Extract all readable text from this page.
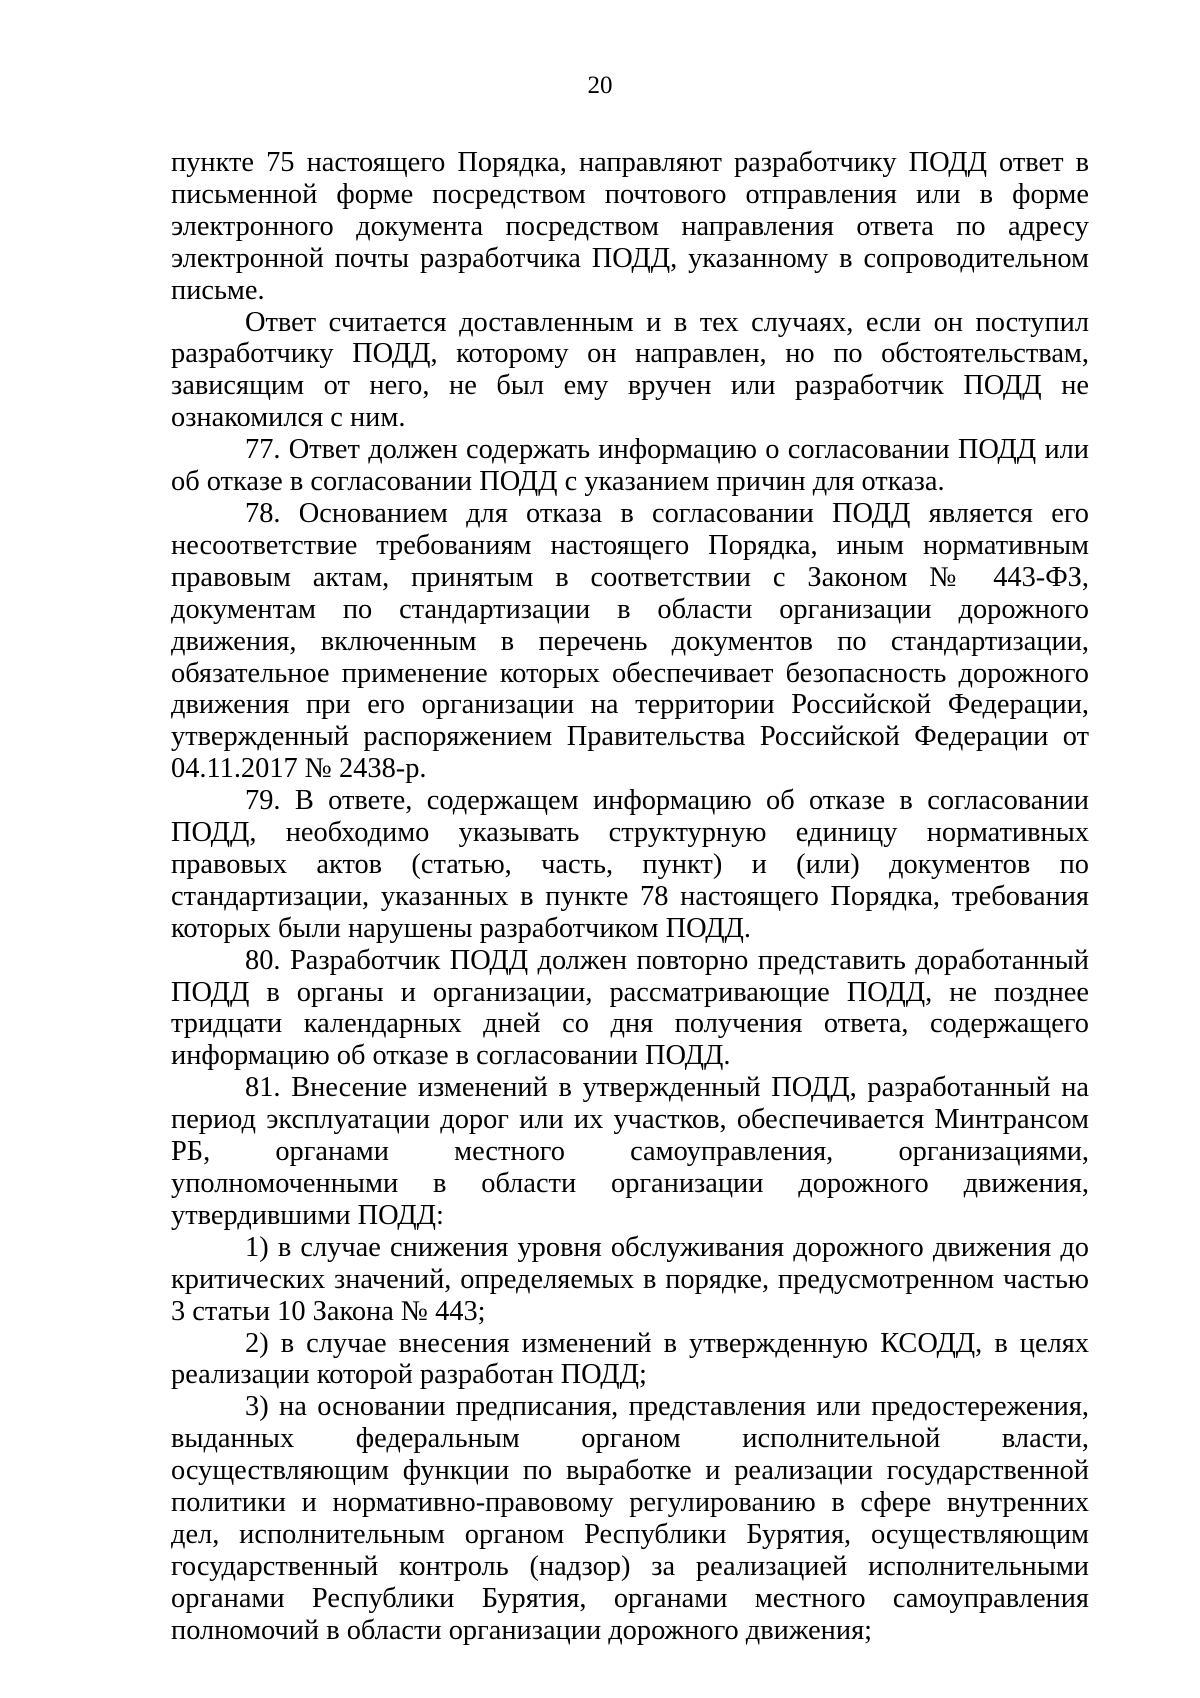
20

пункте 75 настоящего Порядка, направляют разработчику ПОДД ответ в письменной форме посредством почтового отправления или в форме электронного документа посредством направления ответа по адресу электронной почты разработчика ПОДД, указанному в сопроводительном письме.

Ответ считается доставленным и в тех случаях, если он поступил разработчику ПОДД, которому он направлен, но по обстоятельствам, зависящим от него, не был ему вручен или разработчик ПОДД не ознакомился с ним.

77. Ответ должен содержать информацию о согласовании ПОДД или об отказе в согласовании ПОДД с указанием причин для отказа.

78. Основанием для отказа в согласовании ПОДД является его несоответствие требованиям настоящего Порядка, иным нормативным правовым актам, принятым в соответствии с Законом № 443-ФЗ, документам по стандартизации в области организации дорожного движения, включенным в перечень документов по стандартизации, обязательное применение которых обеспечивает безопасность дорожного движения при его организации на территории Российской Федерации, утвержденный распоряжением Правительства Российской Федерации от 04.11.2017 № 2438-р.

79. В ответе, содержащем информацию об отказе в согласовании ПОДД, необходимо указывать структурную единицу нормативных правовых актов (статью, часть, пункт) и (или) документов по стандартизации, указанных в пункте 78 настоящего Порядка, требования которых были нарушены разработчиком ПОДД.

80. Разработчик ПОДД должен повторно представить доработанный ПОДД в органы и организации, рассматривающие ПОДД, не позднее тридцати календарных дней со дня получения ответа, содержащего информацию об отказе в согласовании ПОДД.

81. Внесение изменений в утвержденный ПОДД, разработанный на период эксплуатации дорог или их участков, обеспечивается Минтрансом РБ, органами местного самоуправления, организациями, уполномоченными в области организации дорожного движения, утвердившими ПОДД:

1) в случае снижения уровня обслуживания дорожного движения до критических значений, определяемых в порядке, предусмотренном частью 3 статьи 10 Закона № 443;

2) в случае внесения изменений в утвержденную КСОДД, в целях реализации которой разработан ПОДД;

3) на основании предписания, представления или предостережения, выданных федеральным органом исполнительной власти, осуществляющим функции по выработке и реализации государственной политики и нормативно-правовому регулированию в сфере внутренних дел, исполнительным органом Республики Бурятия, осуществляющим государственный контроль (надзор) за реализацией исполнительными органами Республики Бурятия, органами местного самоуправления полномочий в области организации дорожного движения;
